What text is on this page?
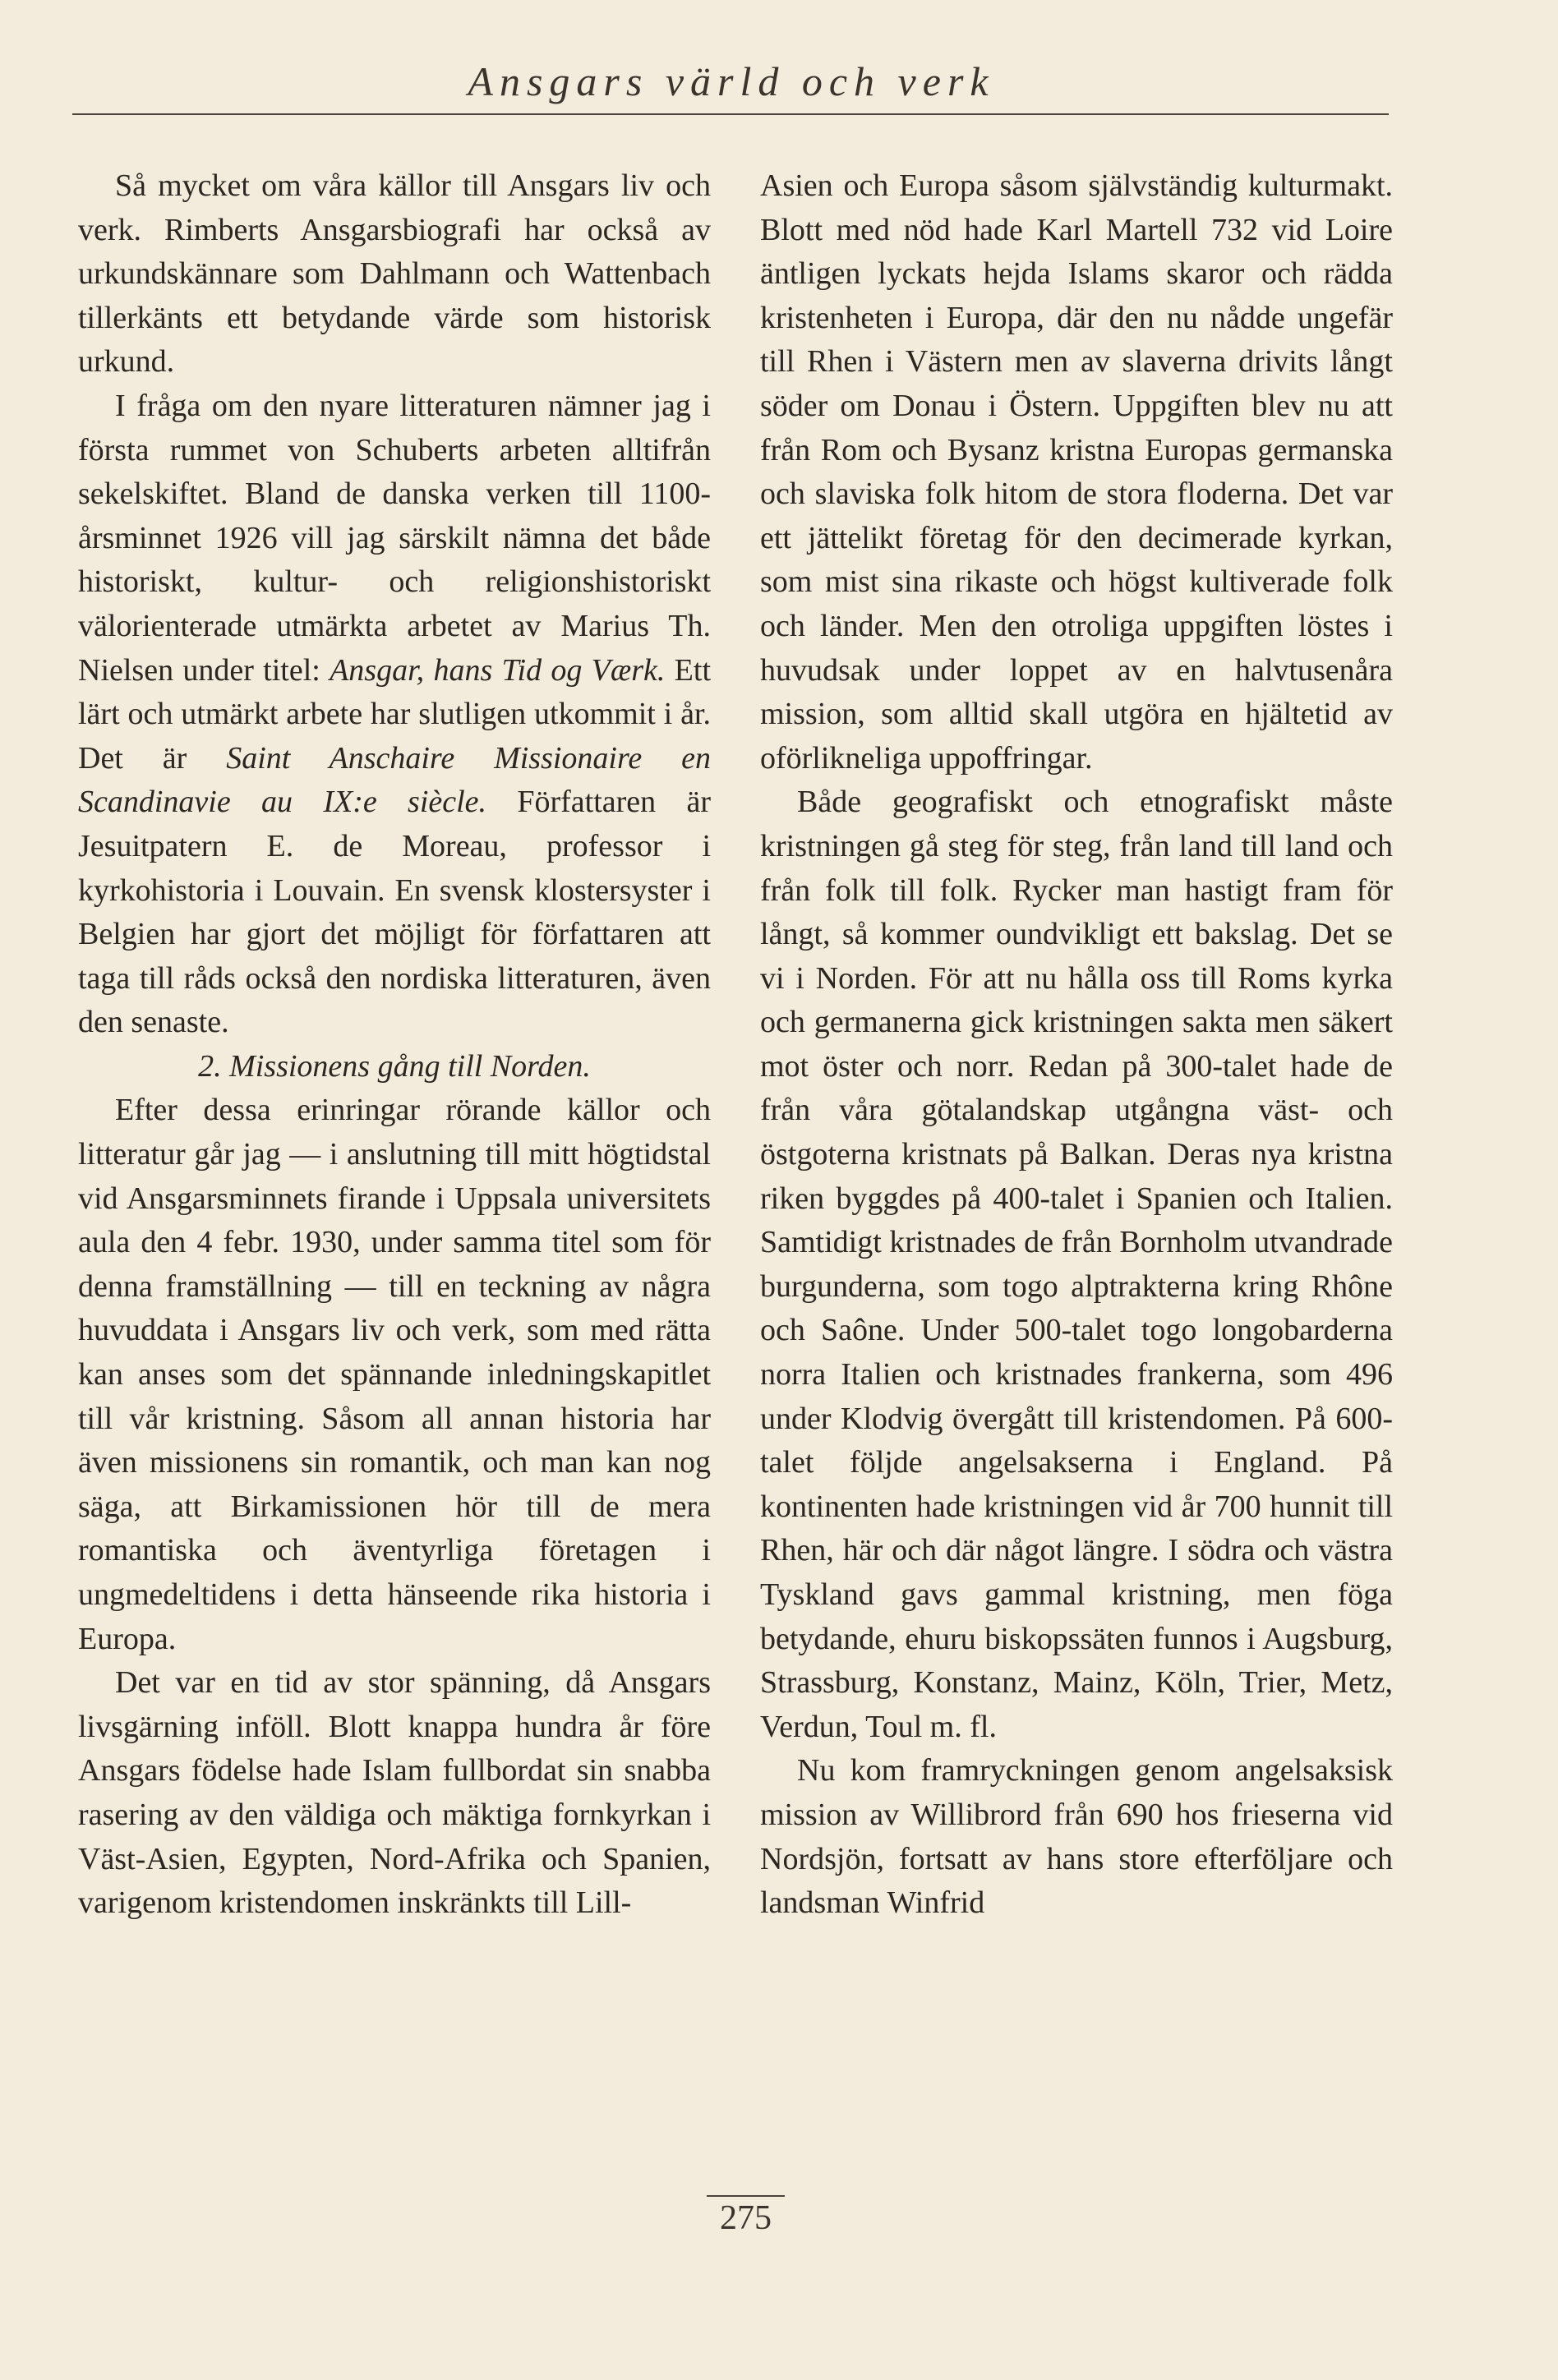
Ansgars värld och verk

Så mycket om våra källor till Ansgars liv och verk. Rimberts Ansgarsbiografi har också av urkundskännare som Dahlmann och Wattenbach tillerkänts ett betydande värde som historisk urkund.

I fråga om den nyare litteraturen nämner jag i första rummet von Schuberts arbeten alltifrån sekelskiftet. Bland de danska verken till 1100-årsminnet 1926 vill jag särskilt nämna det både historiskt, kultur- och religionshistoriskt välorienterade utmärkta arbetet av Marius Th. Nielsen under titel: Ansgar, hans Tid og Værk. Ett lärt och utmärkt arbete har slutligen utkommit i år. Det är Saint Anschaire Missionaire en Scandinavie au IX:e siècle. Författaren är Jesuitpatern E. de Moreau, professor i kyrkohistoria i Louvain. En svensk klostersyster i Belgien har gjort det möjligt för författaren att taga till råds också den nordiska litteraturen, även den senaste.

2. Missionens gång till Norden.

Efter dessa erinringar rörande källor och litteratur går jag — i anslutning till mitt högtidstal vid Ansgarsminnets firande i Uppsala universitets aula den 4 febr. 1930, under samma titel som för denna framställning — till en teckning av några huvuddata i Ansgars liv och verk, som med rätta kan anses som det spännande inledningskapitlet till vår kristning. Såsom all annan historia har även missionens sin romantik, och man kan nog säga, att Birkamissionen hör till de mera romantiska och äventyrliga företagen i ungmedeltidens i detta hänseende rika historia i Europa.

Det var en tid av stor spänning, då Ansgars livsgärning inföll. Blott knappa hundra år före Ansgars födelse hade Islam fullbordat sin snabba rasering av den väldiga och mäktiga fornkyrkan i Väst-Asien, Egypten, Nord-Afrika och Spanien, varigenom kristendomen inskränkts till Lill-

Asien och Europa såsom självständig kulturmakt. Blott med nöd hade Karl Martell 732 vid Loire äntligen lyckats hejda Islams skaror och rädda kristenheten i Europa, där den nu nådde ungefär till Rhen i Västern men av slaverna drivits långt söder om Donau i Östern. Uppgiften blev nu att från Rom och Bysanz kristna Europas germanska och slaviska folk hitom de stora floderna. Det var ett jättelikt företag för den decimerade kyrkan, som mist sina rikaste och högst kultiverade folk och länder. Men den otroliga uppgiften löstes i huvudsak under loppet av en halvtusenåra mission, som alltid skall utgöra en hjältetid av oförlikneliga uppoffringar.

Både geografiskt och etnografiskt måste kristningen gå steg för steg, från land till land och från folk till folk. Rycker man hastigt fram för långt, så kommer oundvikligt ett bakslag. Det se vi i Norden. För att nu hålla oss till Roms kyrka och germanerna gick kristningen sakta men säkert mot öster och norr. Redan på 300-talet hade de från våra götalandskap utgångna väst- och östgoterna kristnats på Balkan. Deras nya kristna riken byggdes på 400-talet i Spanien och Italien. Samtidigt kristnades de från Bornholm utvandrade burgunderna, som togo alptrakterna kring Rhône och Saône. Under 500-talet togo longobarderna norra Italien och kristnades frankerna, som 496 under Klodvig övergått till kristendomen. På 600-talet följde angelsakserna i England. På kontinenten hade kristningen vid år 700 hunnit till Rhen, här och där något längre. I södra och västra Tyskland gavs gammal kristning, men föga betydande, ehuru biskopssäten funnos i Augsburg, Strassburg, Konstanz, Mainz, Köln, Trier, Metz, Verdun, Toul m. fl.

Nu kom framryckningen genom angelsaksisk mission av Willibrord från 690 hos frieserna vid Nordsjön, fortsatt av hans store efterföljare och landsman Winfrid

275
